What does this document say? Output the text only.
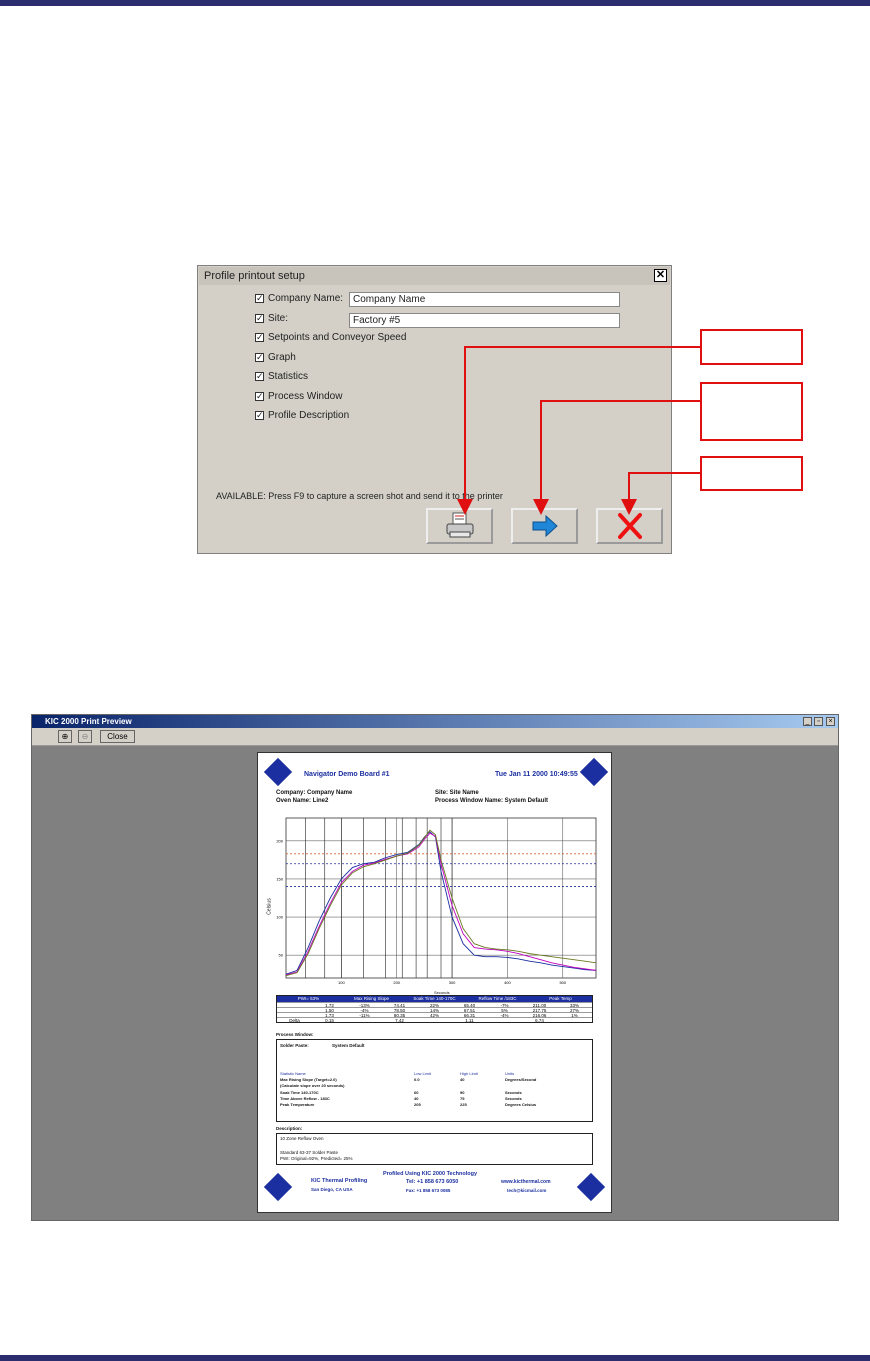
Profile printout setup	✕
✓ Company Name: Company Name
✓ Site:	Factory #5
✓ Setpoints and Conveyor Speed
✓ Graph
✓ Statistics
✓ Process Window
✓ Profile Description
AVAILABLE: Press F9 to capture a screen shot and send it to the printer
KIC 2000 Print Preview	_	▫	×
⊕	⊖	Close
Navigator Demo Board #1	Tue Jan 11 2000 10:49:55
Company: Company Name
Oven Name: Line2
Site: Site Name
Process Window Name: System Default
200
150
100
50
100	200	300	400	500
Seconds
Celsius
PWI= 53%	Max Rising Slope	Soak Time 140-170C	Reflow Time /183C	Peak Temp
1.72	-13%	74.41	22%	65.40	-7%	211.00	33%
1.50	-4%	78.50	14%	67.51	5%	217.75	27%
1.73	-11%	80.35	42%	66.31	-4%	216.06	1%
Delta	0.15	7.42	1.11	6.74
Process Window:
Solder Paste:	System Default
Statistic Name	Low Limit	High Limit	Units
Max Rising Slope (Target=2.0)	0.0	40	Degrees/Second
(Calculate slope over 20 seconds)
Soak Time 140-170C	60	90	Seconds
Time Above Reflow - 183C	40	75	Seconds
Peak Temperature	205	225	Degrees Celsius
Description:
10 Zone Reflow Oven
Standard 63-37 Solder Paste
PWI: Original=92%, Predicted= 25%
KIC Thermal Profiling
San Diego, CA USA
Profiled Using KIC 2000 Technology
Tel: +1 858 673 6050
Fax: +1 858 673 0085
www.kicthermal.com
tech@kicmail.com
